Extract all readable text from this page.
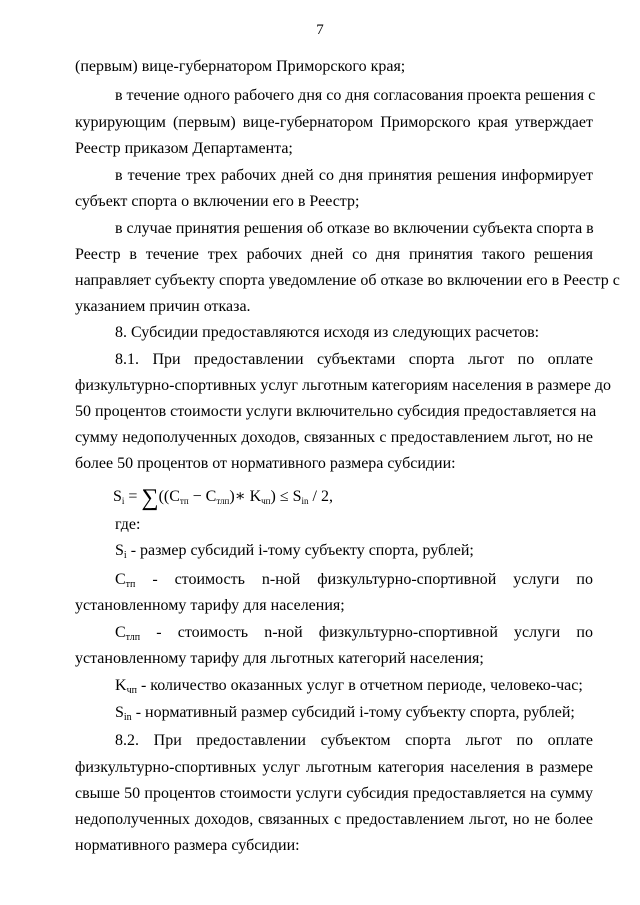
7
(первым) вице-губернатором Приморского края;
в течение одного рабочего дня со дня согласования проекта решения с
курирующим (первым) вице-губернатором Приморского края утверждает
Реестр приказом Департамента;
в течение трех рабочих дней со дня принятия решения информирует
субъект спорта о включении его в Реестр;
в случае принятия решения об отказе во включении субъекта спорта в
Реестр в течение трех рабочих дней со дня принятия такого решения
направляет субъекту спорта уведомление об отказе во включении его в Реестр с
указанием причин отказа.
8. Субсидии предоставляются исходя из следующих расчетов:
8.1. При предоставлении субъектами спорта льгот по оплате
физкультурно-спортивных услуг льготным категориям населения в размере до
50 процентов стоимости услуги включительно субсидия предоставляется на
сумму недополученных доходов, связанных с предоставлением льгот, но не
более 50 процентов от нормативного размера субсидии:
$S_i = \sum((C_{тп}$ − $C_{тлп})∗$ $K_{чп}) \le S_{in} / 2$,
где:
$S_i$ - размер субсидий i-тому субъекту спорта, рублей;
$C_{тп}$ - стоимость n-ной физкультурно-спортивной услуги по
установленному тарифу для населения;
$C_{тлп}$ - стоимость n-ной физкультурно-спортивной услуги по
установленному тарифу для льготных категорий населения;
$K_{чп}$ - количество оказанных услуг в отчетном периоде, человеко-час;
$S_{in}$ - нормативный размер субсидий i-тому субъекту спорта, рублей;
8.2. При предоставлении субъектом спорта льгот по оплате
физкультурно-спортивных услуг льготным категория населения в размере
свыше 50 процентов стоимости услуги субсидия предоставляется на сумму
недополученных доходов, связанных с предоставлением льгот, но не более
нормативного размера субсидии:
